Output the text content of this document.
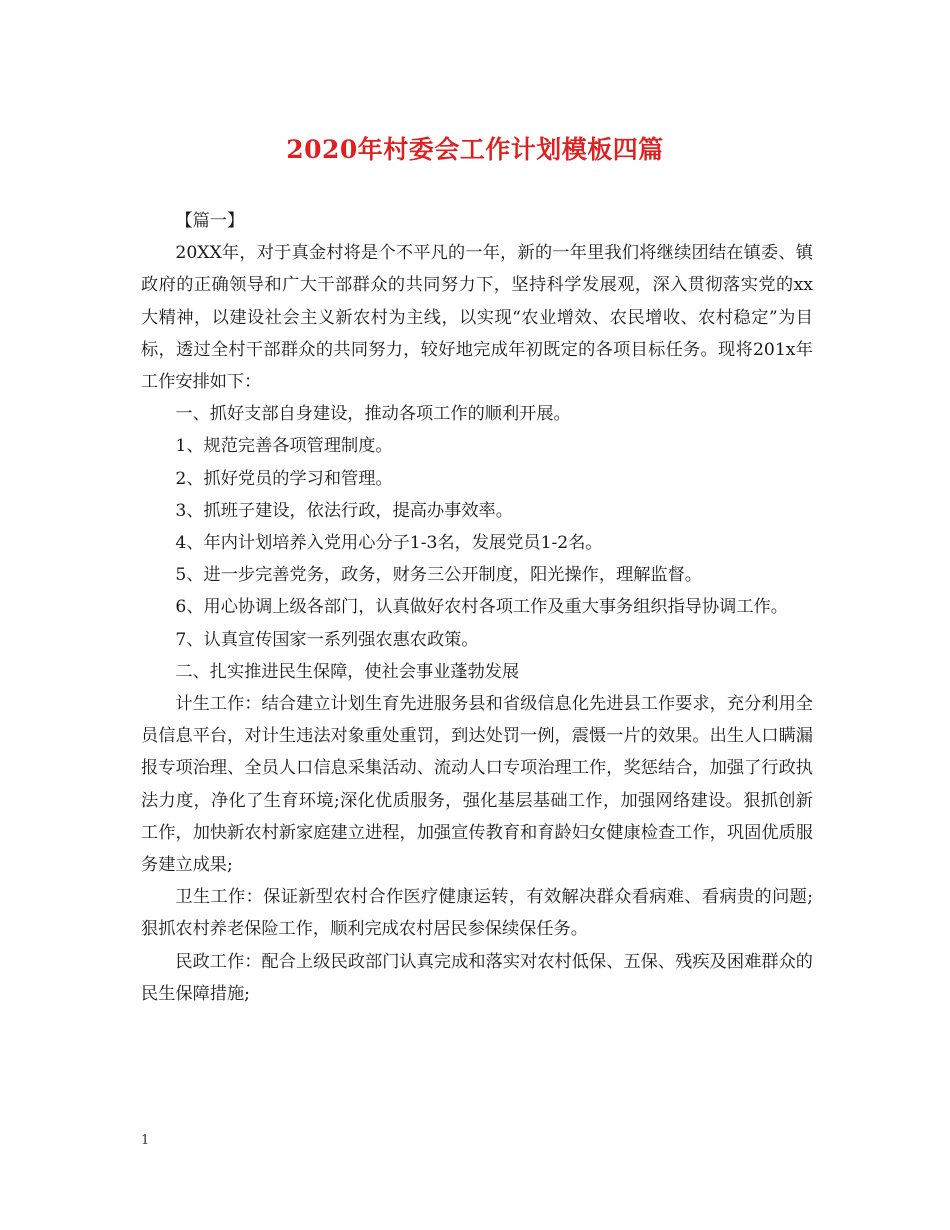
2020年村委会工作计划模板四篇

【篇一】

20XX年，对于真金村将是个不平凡的一年，新的一年里我们将继续团结在镇委、镇政府的正确领导和广大干部群众的共同努力下，坚持科学发展观，深入贯彻落实党的xx大精神，以建设社会主义新农村为主线，以实现“农业增效、农民增收、农村稳定”为目标，透过全村干部群众的共同努力，较好地完成年初既定的各项目标任务。现将201x年工作安排如下：

一、抓好支部自身建设，推动各项工作的顺利开展。

1、规范完善各项管理制度。

2、抓好党员的学习和管理。

3、抓班子建设，依法行政，提高办事效率。

4、年内计划培养入党用心分子1-3名，发展党员1-2名。

5、进一步完善党务，政务，财务三公开制度，阳光操作，理解监督。

6、用心协调上级各部门，认真做好农村各项工作及重大事务组织指导协调工作。

7、认真宣传国家一系列强农惠农政策。

二、扎实推进民生保障，使社会事业蓬勃发展

计生工作：结合建立计划生育先进服务县和省级信息化先进县工作要求，充分利用全员信息平台，对计生违法对象重处重罚，到达处罚一例，震慑一片的效果。出生人口瞒漏报专项治理、全员人口信息采集活动、流动人口专项治理工作，奖惩结合，加强了行政执法力度，净化了生育环境;深化优质服务，强化基层基础工作，加强网络建设。狠抓创新工作，加快新农村新家庭建立进程，加强宣传教育和育龄妇女健康检查工作，巩固优质服务建立成果;

卫生工作：保证新型农村合作医疗健康运转，有效解决群众看病难、看病贵的问题;狠抓农村养老保险工作，顺利完成农村居民参保续保任务。

民政工作：配合上级民政部门认真完成和落实对农村低保、五保、残疾及困难群众的民生保障措施;

1
